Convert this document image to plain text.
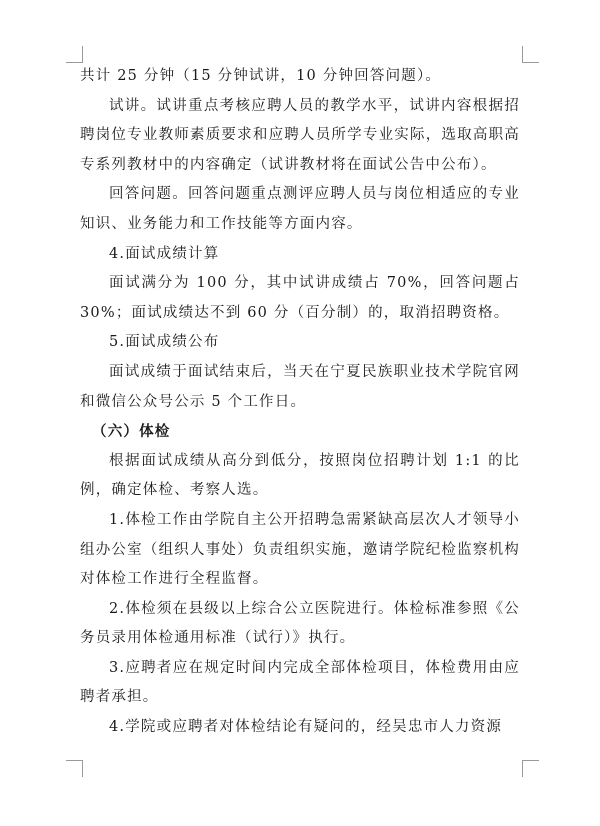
共计 25 分钟（15 分钟试讲，10 分钟回答问题）。

试讲。试讲重点考核应聘人员的教学水平，试讲内容根据招聘岗位专业教师素质要求和应聘人员所学专业实际，选取高职高专系列教材中的内容确定（试讲教材将在面试公告中公布）。

回答问题。回答问题重点测评应聘人员与岗位相适应的专业知识、业务能力和工作技能等方面内容。

4.面试成绩计算

面试满分为 100 分，其中试讲成绩占 70%，回答问题占 30%；面试成绩达不到 60 分（百分制）的，取消招聘资格。

5.面试成绩公布

面试成绩于面试结束后，当天在宁夏民族职业技术学院官网和微信公众号公示 5 个工作日。

（六）体检

根据面试成绩从高分到低分，按照岗位招聘计划 1:1 的比例，确定体检、考察人选。

1.体检工作由学院自主公开招聘急需紧缺高层次人才领导小组办公室（组织人事处）负责组织实施，邀请学院纪检监察机构对体检工作进行全程监督。

2.体检须在县级以上综合公立医院进行。体检标准参照《公务员录用体检通用标准（试行）》执行。

3.应聘者应在规定时间内完成全部体检项目，体检费用由应聘者承担。

4.学院或应聘者对体检结论有疑问的，经吴忠市人力资源
